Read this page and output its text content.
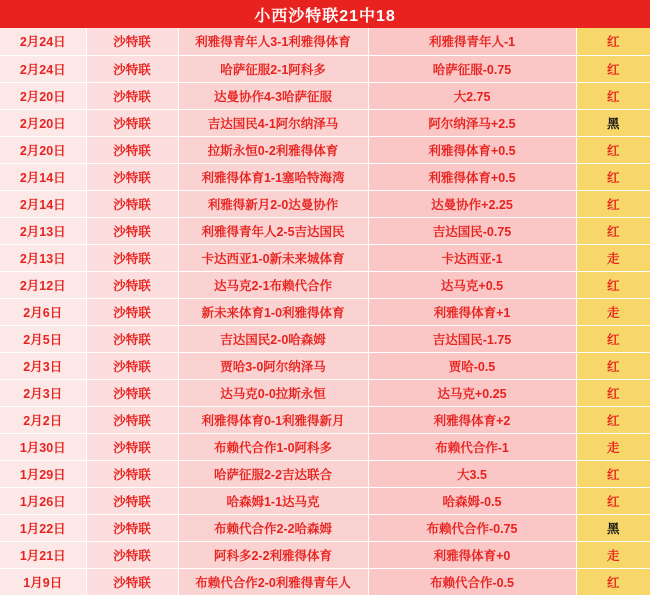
小西沙特联21中18
2月24日	沙特联	利雅得青年人3-1利雅得体育	利雅得青年人-1	红
2月24日	沙特联	哈萨征服2-1阿科多	哈萨征服-0.75	红
2月20日	沙特联	达曼协作4-3哈萨征服	大2.75	红
2月20日	沙特联	吉达国民4-1阿尔纳泽马	阿尔纳泽马+2.5	黑
2月20日	沙特联	拉斯永恒0-2利雅得体育	利雅得体育+0.5	红
2月14日	沙特联	利雅得体育1-1塞哈特海湾	利雅得体育+0.5	红
2月14日	沙特联	利雅得新月2-0达曼协作	达曼协作+2.25	红
2月13日	沙特联	利雅得青年人2-5吉达国民	吉达国民-0.75	红
2月13日	沙特联	卡达西亚1-0新未来城体育	卡达西亚-1	走
2月12日	沙特联	达马克2-1布赖代合作	达马克+0.5	红
2月6日	沙特联	新未来体育1-0利雅得体育	利雅得体育+1	走
2月5日	沙特联	吉达国民2-0哈森姆	吉达国民-1.75	红
2月3日	沙特联	贾哈3-0阿尔纳泽马	贾哈-0.5	红
2月3日	沙特联	达马克0-0拉斯永恒	达马克+0.25	红
2月2日	沙特联	利雅得体育0-1利雅得新月	利雅得体育+2	红
1月30日	沙特联	布赖代合作1-0阿科多	布赖代合作-1	走
1月29日	沙特联	哈萨征服2-2吉达联合	大3.5	红
1月26日	沙特联	哈森姆1-1达马克	哈森姆-0.5	红
1月22日	沙特联	布赖代合作2-2哈森姆	布赖代合作-0.75	黑
1月21日	沙特联	阿科多2-2利雅得体育	利雅得体育+0	走
1月9日	沙特联	布赖代合作2-0利雅得青年人	布赖代合作-0.5	红
